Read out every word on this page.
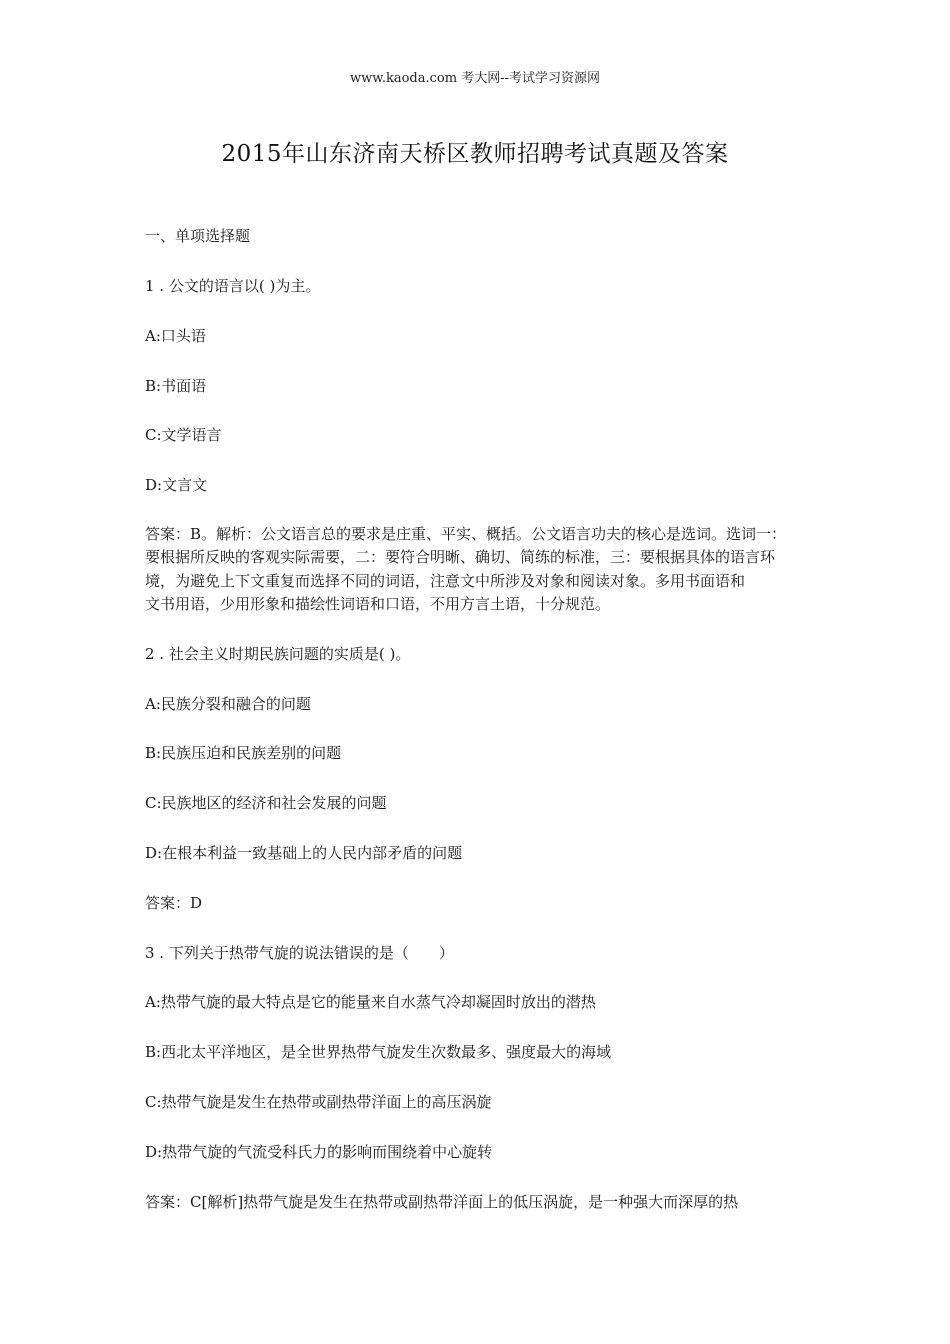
www.kaoda.com 考大网--考试学习资源网
2015年山东济南天桥区教师招聘考试真题及答案
一、单项选择题
1 . 公文的语言以( )为主。
A:口头语
B:书面语
C:文学语言
D:文言文
答案：B。解析：公文语言总的要求是庄重、平实、概括。公文语言功夫的核心是选词。选词一：
要根据所反映的客观实际需要，二：要符合明晰、确切、简练的标准，三：要根据具体的语言环
境，为避免上下文重复而选择不同的词语，注意文中所涉及对象和阅读对象。多用书面语和
文书用语，少用形象和描绘性词语和口语，不用方言土语，十分规范。
2 . 社会主义时期民族问题的实质是( )。
A:民族分裂和融合的问题
B:民族压迫和民族差别的问题
C:民族地区的经济和社会发展的问题
D:在根本利益一致基础上的人民内部矛盾的问题
答案：D
3 . 下列关于热带气旋的说法错误的是（　　）
A:热带气旋的最大特点是它的能量来自水蒸气冷却凝固时放出的潜热
B:西北太平洋地区，是全世界热带气旋发生次数最多、强度最大的海域
C:热带气旋是发生在热带或副热带洋面上的高压涡旋
D:热带气旋的气流受科氏力的影响而围绕着中心旋转
答案：C[解析]热带气旋是发生在热带或副热带洋面上的低压涡旋，是一种强大而深厚的热
